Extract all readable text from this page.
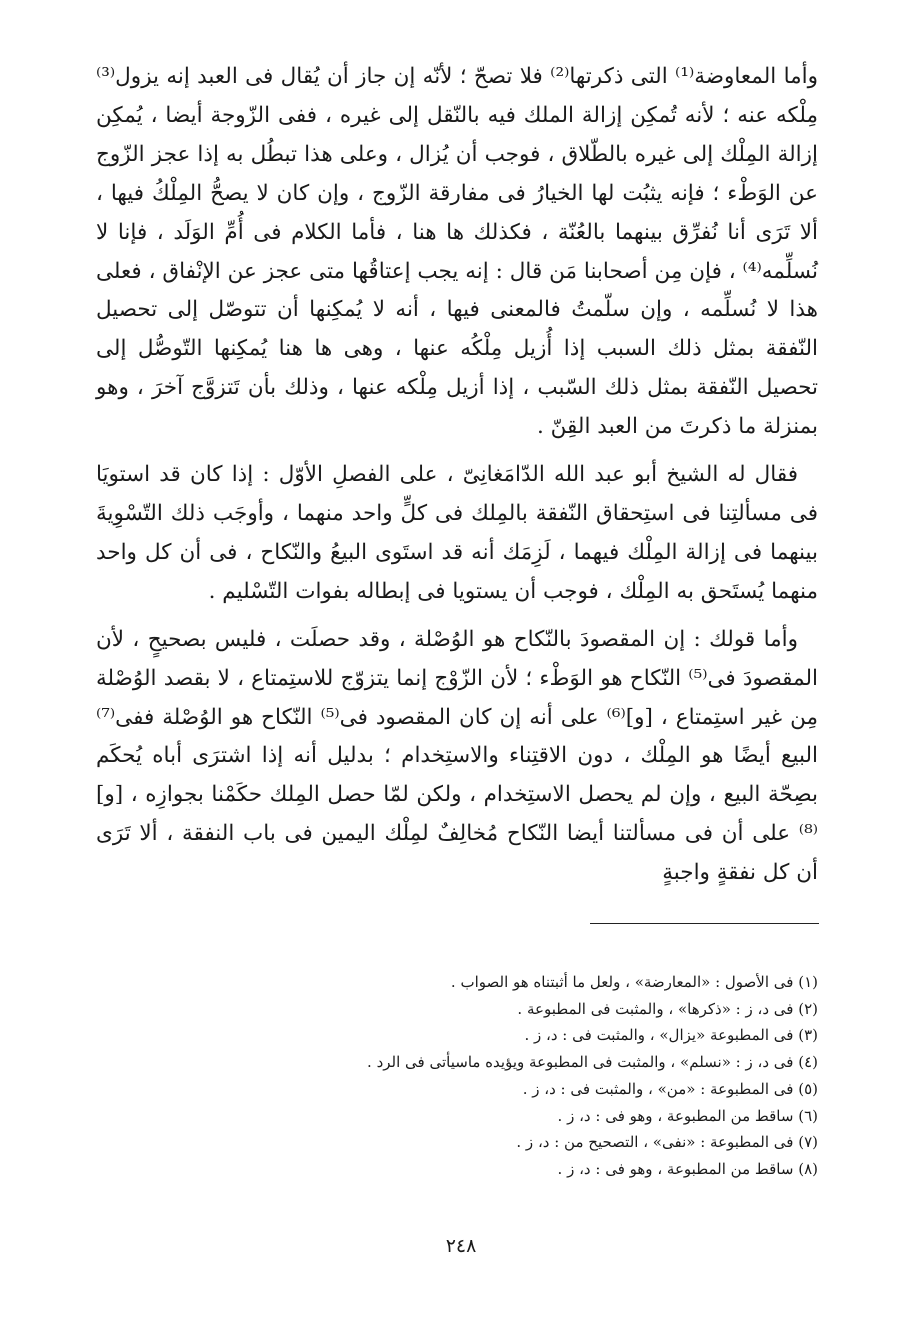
وأما المعاوضة⁽¹⁾ التى ذكرتها⁽²⁾ فلا تصحّ ؛ لأنّه إن جاز أن يُقال فى العبد إنه يزول⁽³⁾ مِلْكه عنه ؛ لأنه تُمكِن إزالة الملك فيه بالنّقل إلى غيره ، ففى الزّوجة أيضا ، يُمكِن إزالة المِلْك إلى غيره بالطّلاق ، فوجب أن يُزال ، وعلى هذا تبطُل به إذا عجز الزّوج عن الوَطْء ؛ فإنه يثبُت لها الخيارُ فى مفارقة الزّوج ، وإن كان لا يصحُّ المِلْكُ فيها ، ألا تَرَى أنا نُفرِّق بينهما بالعُنّة ، فكذلك ها هنا ، فأما الكلام فى أُمِّ الوَلَد ، فإنا لا نُسلِّمه⁽⁴⁾ ، فإن مِن أصحابنا مَن قال : إنه يجب إعتاقُها متى عجز عن الإنْفاق ، فعلى هذا لا نُسلِّمه ، وإن سلّمتُ فالمعنى فيها ، أنه لا يُمكِنها أن تتوصّل إلى تحصيل النّفقة بمثل ذلك السبب إذا أُزيل مِلْكُه عنها ، وهى ها هنا يُمكِنها التّوصُّل إلى تحصيل النّفقة بمثل ذلك السّبب ، إذا أزيل مِلْكه عنها ، وذلك بأن تَتزوَّج آخرَ ، وهو بمنزلة ما ذكرتَ من العبد القِنّ .

فقال له الشيخ أبو عبد الله الدّامَغانِىّ ، على الفصلِ الأوّل : إذا كان قد استويَا فى مسألتِنا فى استِحقاق النّفقة بالمِلك فى كلٍّ واحد منهما ، وأوجَب ذلك التّسْوِيةَ بينهما فى إزالة المِلْك فيهما ، لَزِمَك أنه قد استَوى البيعُ والنّكاح ، فى أن كل واحد منهما يُستَحق به المِلْك ، فوجب أن يستويا فى إبطاله بفوات التّسْليم .

وأما قولك : إن المقصودَ بالنّكاح هو الوُصْلة ، وقد حصلَت ، فليس بصحيحٍ ، لأن المقصودَ فى⁽⁵⁾ النّكاح هو الوَطْء ؛ لأن الزّوْج إنما يتزوّج للاستِمتاع ، لا بقصد الوُصْلة مِن غير استِمتاع ، [و]⁽⁶⁾ على أنه إن كان المقصود فى⁽⁵⁾ النّكاح هو الوُصْلة ففى⁽⁷⁾ البيع أيضًا هو المِلْك ، دون الاقتِناء والاستِخدام ؛ بدليل أنه إذا اشترَى أباه يُحكَم بصِحّة البيع ، وإن لم يحصل الاستِخدام ، ولكن لمّا حصل المِلك حكَمْنا بجوازِه ، [و]⁽⁸⁾ على أن فى مسألتنا أيضا النّكاح مُخالِفٌ لمِلْك اليمين فى باب النفقة ، ألا تَرَى أن كل نفقةٍ واجبةٍ

(١) فى الأصول : «المعارضة» ، ولعل ما أثبتناه هو الصواب .

(٢) فى د، ز : «ذكرها» ، والمثبت فى المطبوعة .

(٣) فى المطبوعة «يزال» ، والمثبت فى : د، ز .

(٤) فى د، ز : «نسلم» ، والمثبت فى المطبوعة ويؤيده ماسيأتى فى الرد .

(٥) فى المطبوعة : «من» ، والمثبت فى : د، ز .

(٦) ساقط من المطبوعة ، وهو فى : د، ز .

(٧) فى المطبوعة : «نفى» ، التصحيح من : د، ز .

(٨) ساقط من المطبوعة ، وهو فى : د، ز .

٢٤٨
